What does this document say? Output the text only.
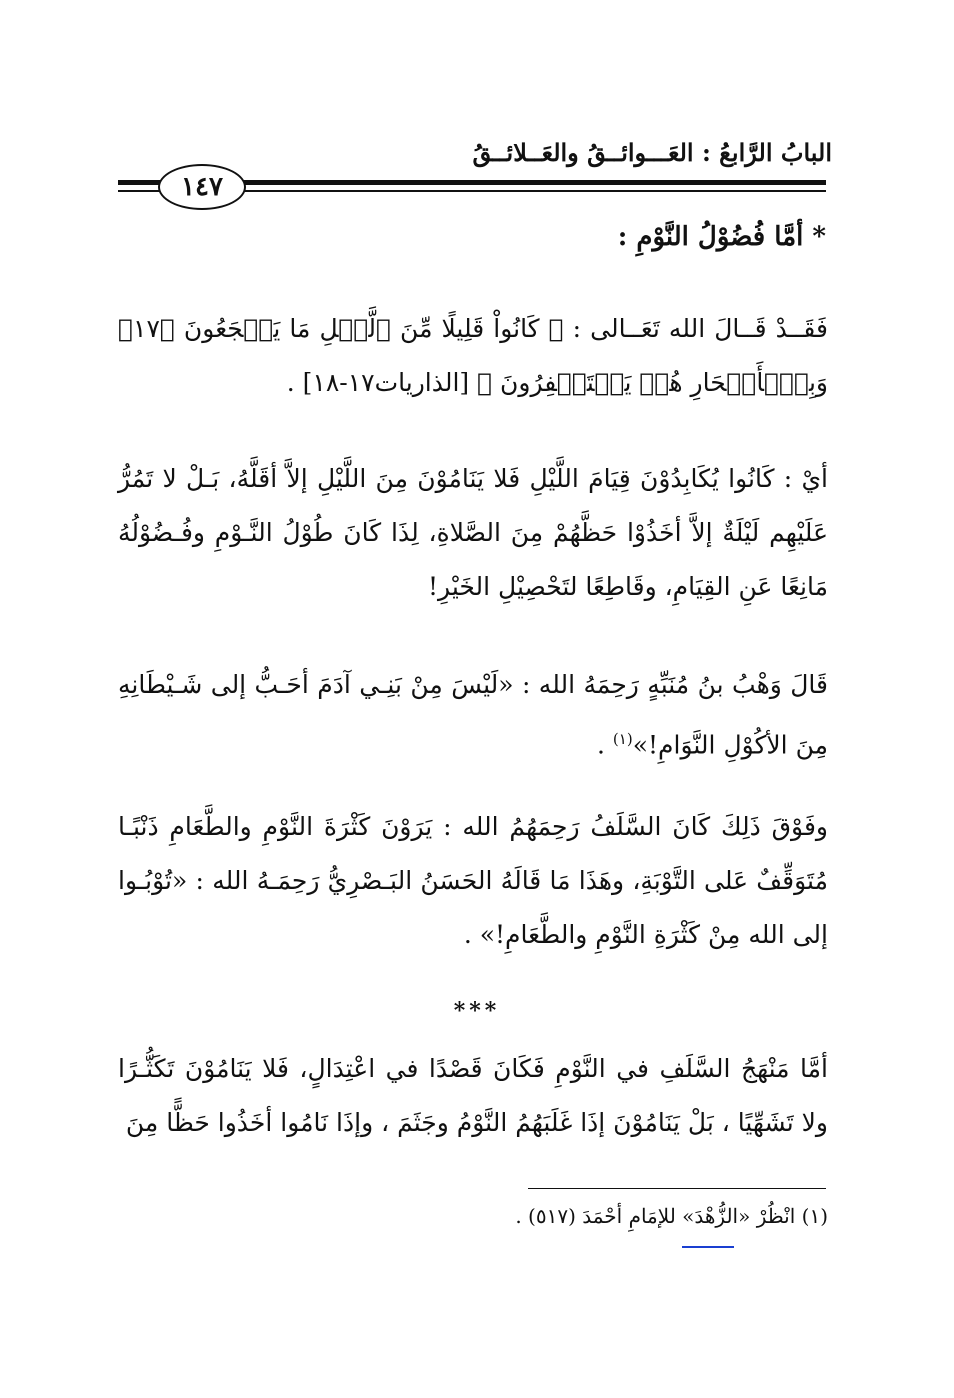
البابُ الرَّابعُ : العَـــوائــقُ والعَــلائــقُ
١٤٧
* أمَّا فُضُوْلُ النَّوْمِ :
فَقَــدْ قَــالَ الله تَعَــالى : ﴿ كَانُواْ قَلِيلًا مِّنَ ٱلَّيۡلِ مَا يَهۡجَعُونَ ﴿١٧﴾ وَبِٱلۡأَسۡحَارِ هُمۡ يَسۡتَغۡفِرُونَ ﴾ [الذاريات١٧-١٨] .
أيْ : كَانُوا يُكَابِدُوْنَ قِيَامَ اللَّيْلِ فَلا يَنَامُوْنَ مِنَ اللَّيْلِ إلاَّ أقَلَّهُ، بَـلْ لا تَمُرُّ عَلَيْهِم لَيْلَةٌ إلاَّ أخَذُوْا حَظَّهُمْ مِنَ الصَّلاةِ، لِذَا كَانَ طُوْلُ النَّـوْمِ وفُـضُوْلُهُ مَانِعًا عَنِ القِيَامِ، وقَاطِعًا لتَحْصِيْلِ الخَيْرِ!
قَالَ وَهْبُ بنُ مُنَبِّهٍ رَحِمَهُ الله : «لَيْسَ مِنْ بَنِـي آدَمَ أحَـبُّ إلى شَـيْطَانِهِ مِنَ الأكُوْلِ النَّوَامِ!»$^{(١)}$ .
وفَوْقَ ذَلِكَ كَانَ السَّلَفُ رَحِمَهُمُ الله : يَرَوْنَ كَثْرَةَ النَّوْمِ والطَّعَامِ ذَنْبًـا مُتَوَقِّفٌ عَلى التَّوْبَةِ، وهَذَا مَا قَالَهُ الحَسَنُ البَـصْرِيُّ رَحِمَـهُ الله : «تُوْبُـوا إلى الله مِنْ كَثْرَةِ النَّوْمِ والطَّعَامِ!» .
***
أمَّا مَنْهَجُ السَّلَفِ في النَّوْمِ فَكَانَ قَصْدًا في اعْتِدَالٍ، فَلا يَنَامُوْنَ تَكَثُّـرًا ولا تَشَهِّيًا ، بَلْ يَنَامُوْنَ إذَا غَلَبَهُمُ النَّوْمُ وجَثَمَ ، وإذَا نَامُوا أخَذُوا حَظًّا مِنَ
(١) انْظُرْ «الزُّهْدَ» للإمَامِ أحْمَدَ (٥١٧) .
